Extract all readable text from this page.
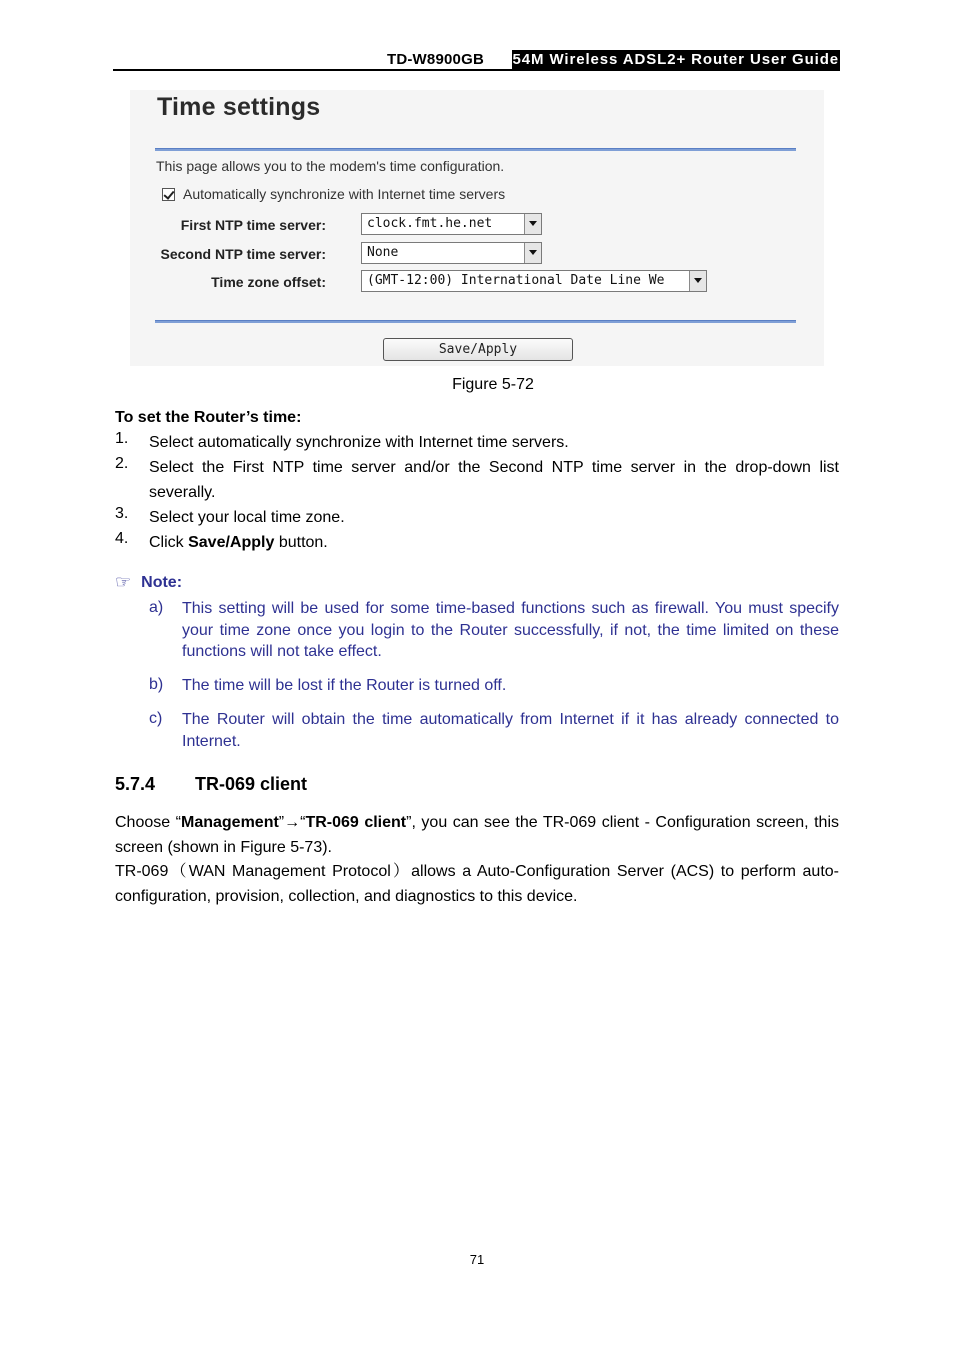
TD-W8900GB 54M Wireless ADSL2+ Router User Guide
Time settings
This page allows you to the modem's time configuration.
Automatically synchronize with Internet time servers
First NTP time server:	clock.fmt.he.net
Second NTP time server:	None
Time zone offset:	(GMT-12:00) International Date Line We
Save/Apply
Figure 5-72
To set the Router’s time:
1. Select automatically synchronize with Internet time servers.
2. Select the First NTP time server and/or the Second NTP time server in the drop-down list severally.
3. Select your local time zone.
4. Click Save/Apply button.
☞ Note:
a) This setting will be used for some time-based functions such as firewall. You must specify your time zone once you login to the Router successfully, if not, the time limited on these functions will not take effect.
b) The time will be lost if the Router is turned off.
c) The Router will obtain the time automatically from Internet if it has already connected to Internet.
5.7.4 TR-069 client
Choose “Management”→“TR-069 client”, you can see the TR-069 client - Configuration screen, this screen (shown in Figure 5-73).
TR-069（WAN Management Protocol）allows a Auto-Configuration Server (ACS) to perform auto-configuration, provision, collection, and diagnostics to this device.
71
